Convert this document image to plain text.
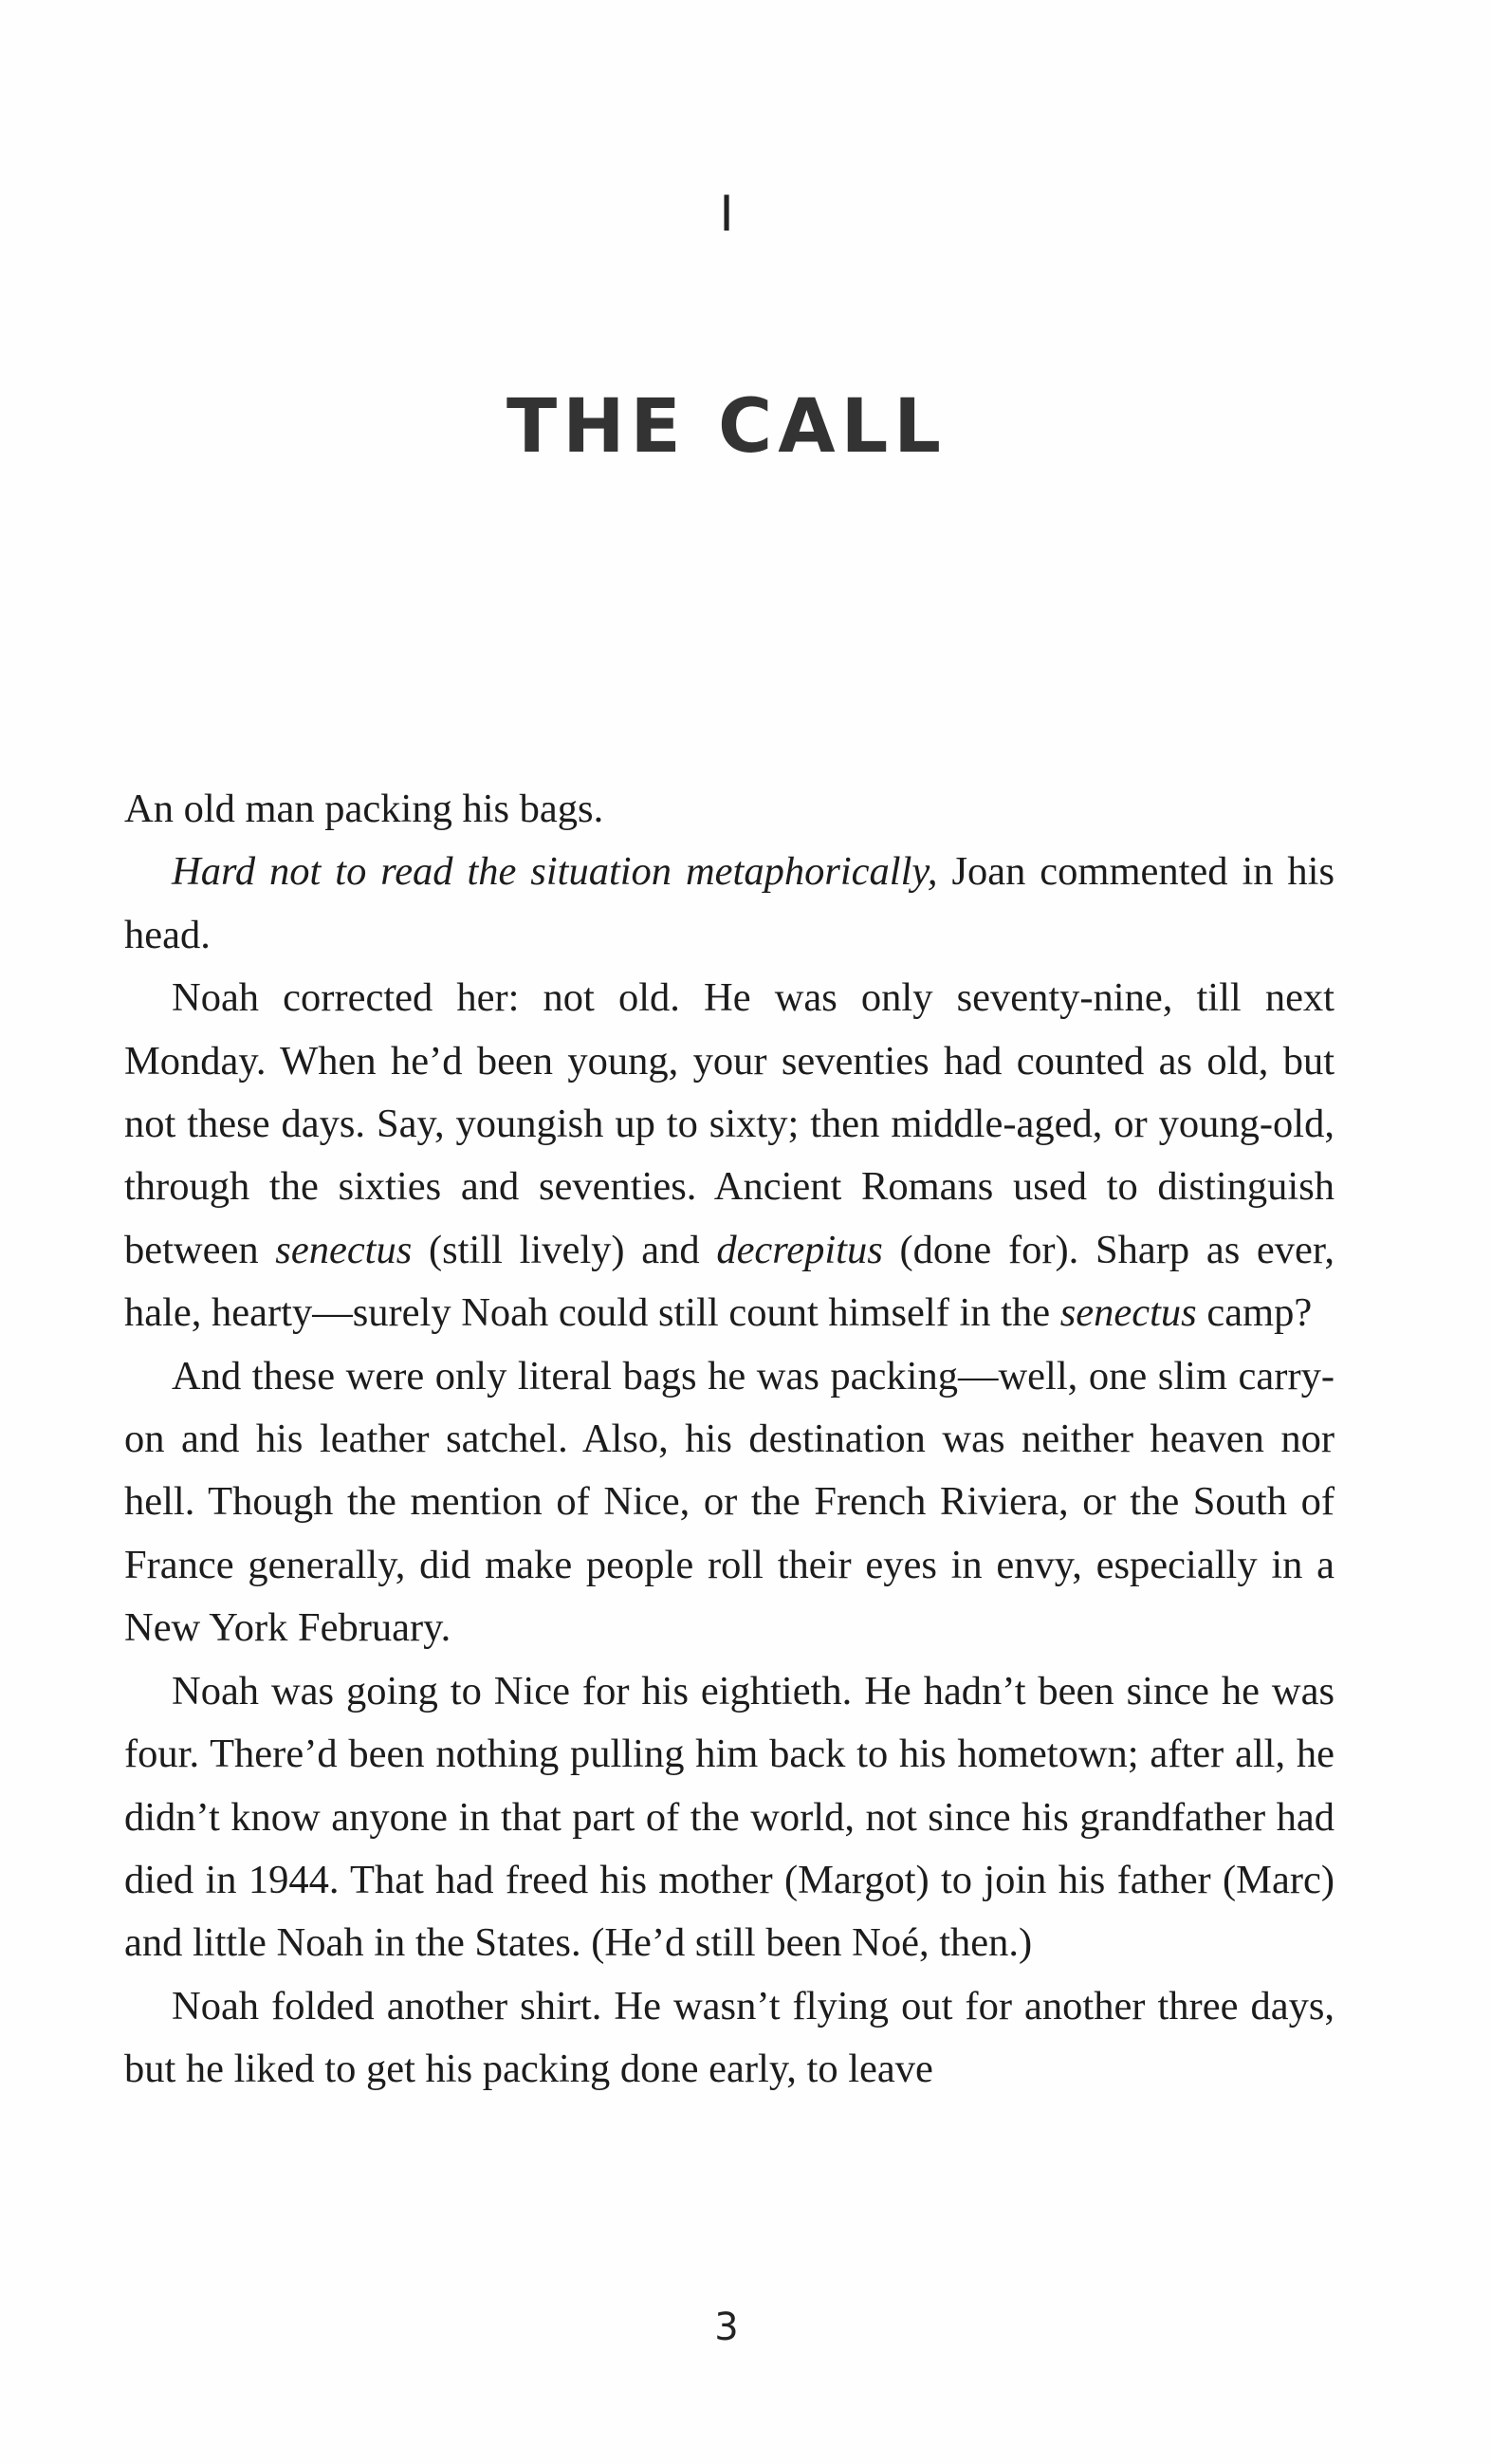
I
THE CALL

An old man packing his bags.

Hard not to read the situation metaphorically, Joan commented in his head.

Noah corrected her: not old. He was only seventy-nine, till next Monday. When he’d been young, your seventies had counted as old, but not these days. Say, youngish up to sixty; then middle-aged, or young-old, through the sixties and seventies. Ancient Romans used to distinguish between senectus (still lively) and decrepitus (done for). Sharp as ever, hale, hearty—surely Noah could still count himself in the senectus camp?

And these were only literal bags he was packing—well, one slim carry-on and his leather satchel. Also, his destination was neither heaven nor hell. Though the mention of Nice, or the French Riviera, or the South of France generally, did make people roll their eyes in envy, especially in a New York February.

Noah was going to Nice for his eightieth. He hadn’t been since he was four. There’d been nothing pulling him back to his hometown; after all, he didn’t know anyone in that part of the world, not since his grandfather had died in 1944. That had freed his mother (Margot) to join his father (Marc) and little Noah in the States. (He’d still been Noé, then.)

Noah folded another shirt. He wasn’t flying out for another three days, but he liked to get his packing done early, to leave

3
